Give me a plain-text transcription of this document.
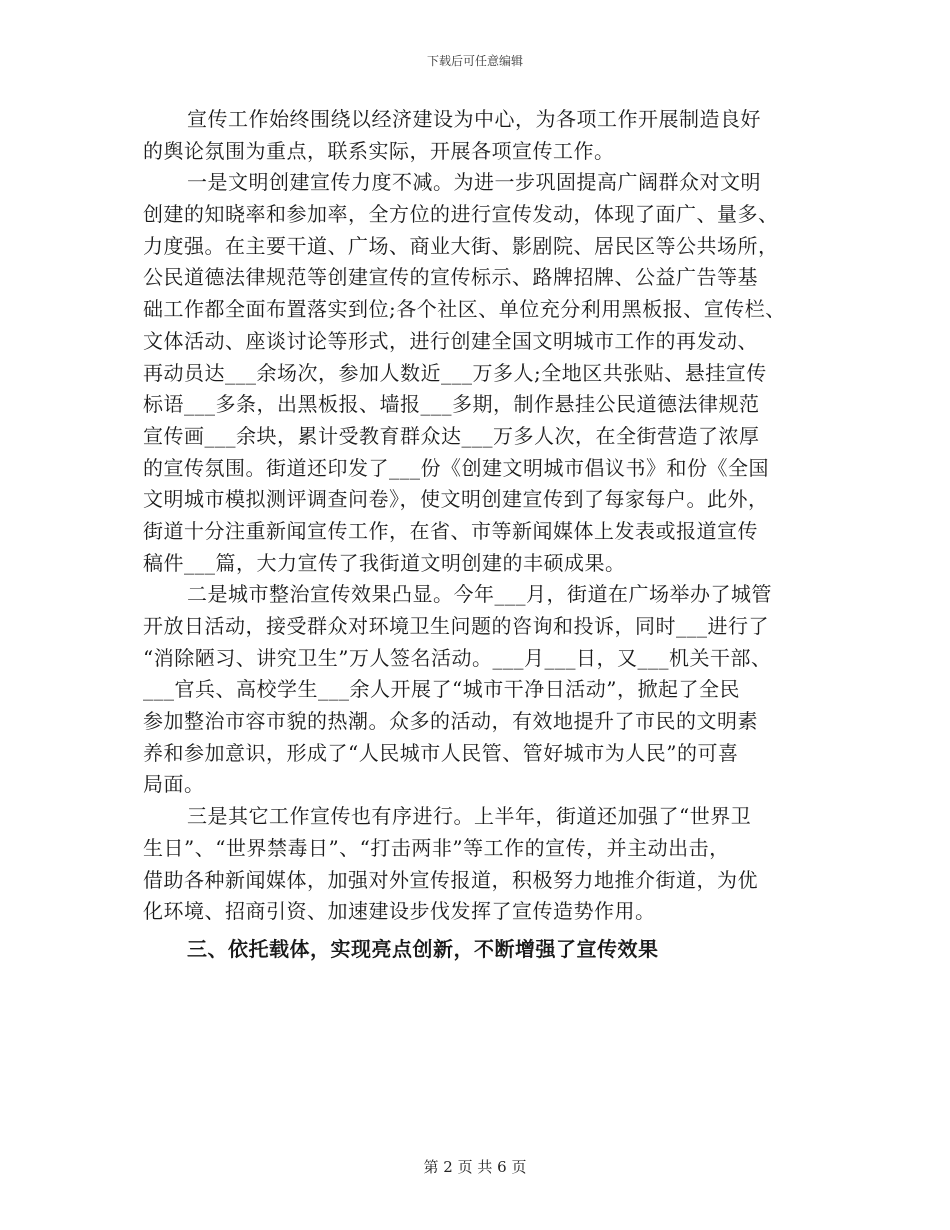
下载后可任意编辑
宣传工作始终围绕以经济建设为中心，为各项工作开展制造良好
的舆论氛围为重点，联系实际，开展各项宣传工作。
一是文明创建宣传力度不减。为进一步巩固提高广阔群众对文明
创建的知晓率和参加率，全方位的进行宣传发动，体现了面广、量多、
力度强。在主要干道、广场、商业大街、影剧院、居民区等公共场所，
公民道德法律规范等创建宣传的宣传标示、路牌招牌、公益广告等基
础工作都全面布置落实到位;各个社区、单位充分利用黑板报、宣传栏、
文体活动、座谈讨论等形式，进行创建全国文明城市工作的再发动、
再动员达___余场次，参加人数近___万多人;全地区共张贴、悬挂宣传
标语___多条，出黑板报、墙报___多期，制作悬挂公民道德法律规范
宣传画___余块，累计受教育群众达___万多人次，在全街营造了浓厚
的宣传氛围。街道还印发了___份《创建文明城市倡议书》和份《全国
文明城市模拟测评调查问卷》，使文明创建宣传到了每家每户。此外，
街道十分注重新闻宣传工作，在省、市等新闻媒体上发表或报道宣传
稿件___篇，大力宣传了我街道文明创建的丰硕成果。
二是城市整治宣传效果凸显。今年___月，街道在广场举办了城管
开放日活动，接受群众对环境卫生问题的咨询和投诉，同时___进行了
“消除陋习、讲究卫生”万人签名活动。___月___日，又___机关干部、
___官兵、高校学生___余人开展了“城市干净日活动”，掀起了全民
参加整治市容市貌的热潮。众多的活动，有效地提升了市民的文明素
养和参加意识，形成了“人民城市人民管、管好城市为人民”的可喜
局面。
三是其它工作宣传也有序进行。上半年，街道还加强了“世界卫
生日”、“世界禁毒日”、“打击两非”等工作的宣传，并主动出击，
借助各种新闻媒体，加强对外宣传报道，积极努力地推介街道，为优
化环境、招商引资、加速建设步伐发挥了宣传造势作用。
三、依托载体，实现亮点创新，不断增强了宣传效果
第 2 页 共 6 页
